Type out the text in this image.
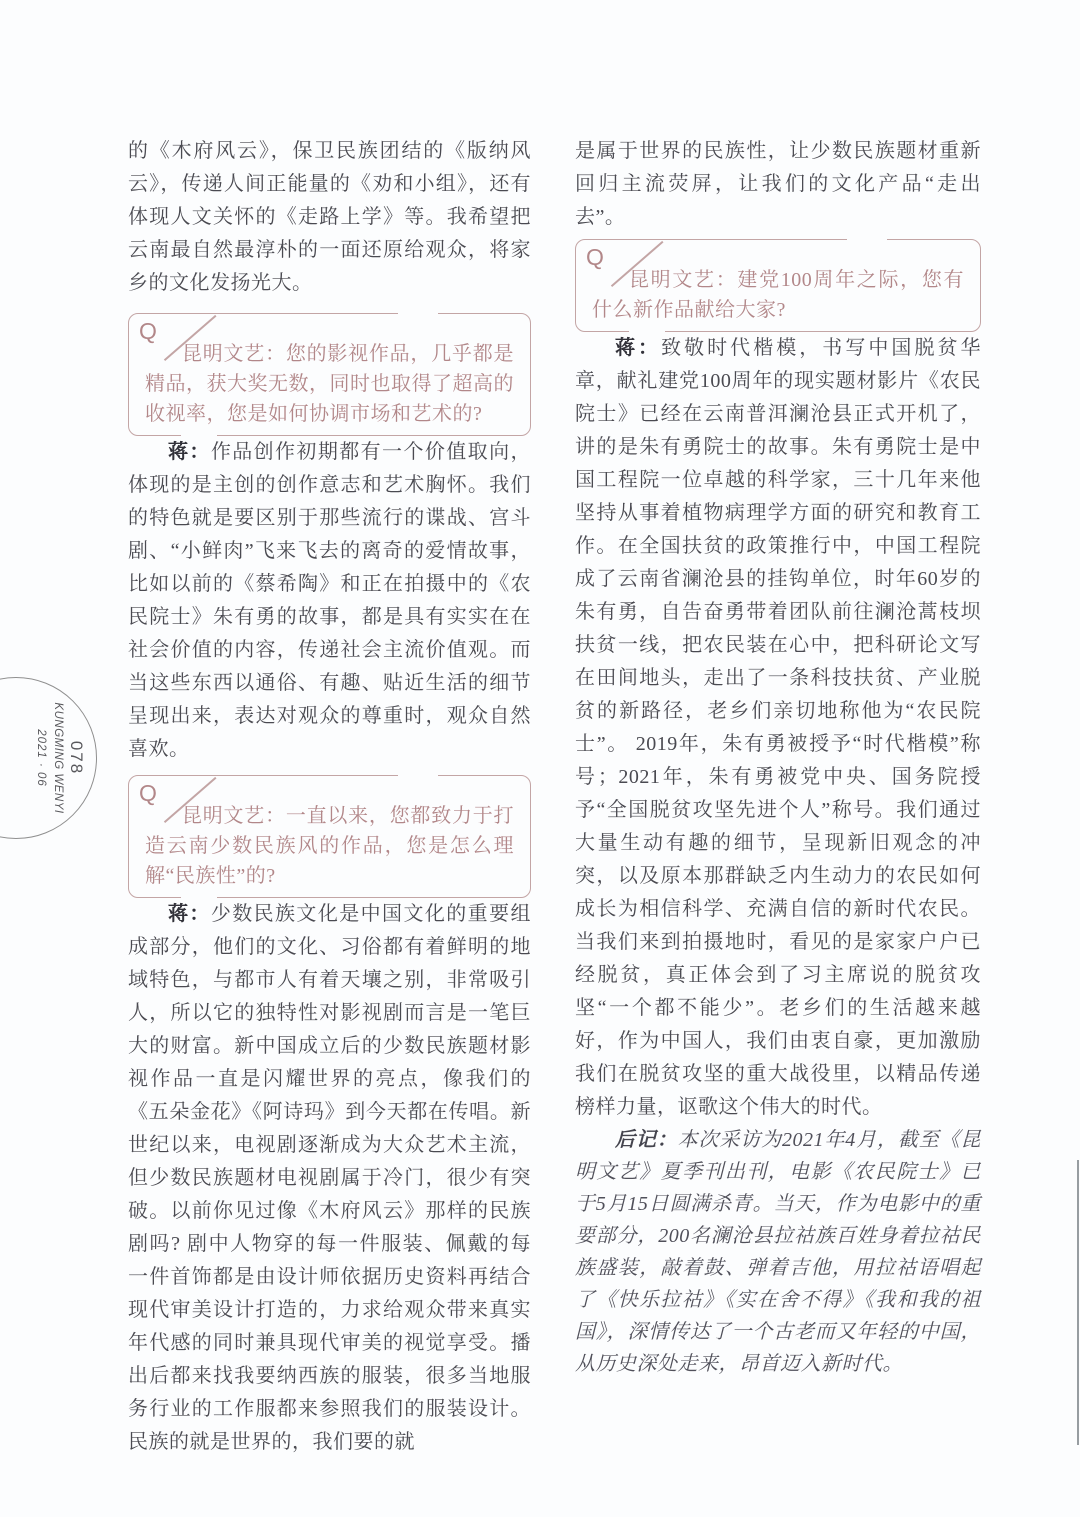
078
KUNGMING WENYI
2021 · 06

的《木府风云》，保卫民族团结的《版纳风云》，传递人间正能量的《劝和小组》，还有体现人文关怀的《走路上学》等。我希望把云南最自然最淳朴的一面还原给观众，将家乡的文化发扬光大。

Q

昆明文艺：您的影视作品，几乎都是精品，获大奖无数，同时也取得了超高的收视率，您是如何协调市场和艺术的?

蒋：作品创作初期都有一个价值取向，体现的是主创的创作意志和艺术胸怀。我们的特色就是要区别于那些流行的谍战、宫斗剧、“小鲜肉”飞来飞去的离奇的爱情故事，比如以前的《蔡希陶》和正在拍摄中的《农民院士》朱有勇的故事，都是具有实实在在社会价值的内容，传递社会主流价值观。而当这些东西以通俗、有趣、贴近生活的细节呈现出来，表达对观众的尊重时，观众自然喜欢。

Q

昆明文艺：一直以来，您都致力于打造云南少数民族风的作品，您是怎么理解“民族性”的?

蒋：少数民族文化是中国文化的重要组成部分，他们的文化、习俗都有着鲜明的地域特色，与都市人有着天壤之别，非常吸引人，所以它的独特性对影视剧而言是一笔巨大的财富。新中国成立后的少数民族题材影视作品一直是闪耀世界的亮点，像我们的《五朵金花》《阿诗玛》到今天都在传唱。新世纪以来，电视剧逐渐成为大众艺术主流，但少数民族题材电视剧属于冷门，很少有突破。以前你见过像《木府风云》那样的民族剧吗? 剧中人物穿的每一件服装、佩戴的每一件首饰都是由设计师依据历史资料再结合现代审美设计打造的，力求给观众带来真实年代感的同时兼具现代审美的视觉享受。播出后都来找我要纳西族的服装，很多当地服务行业的工作服都来参照我们的服装设计。民族的就是世界的，我们要的就

是属于世界的民族性，让少数民族题材重新回归主流荧屏，让我们的文化产品“走出去”。

Q

昆明文艺：建党100周年之际，您有什么新作品献给大家?

蒋：致敬时代楷模，书写中国脱贫华章，献礼建党100周年的现实题材影片《农民院士》已经在云南普洱澜沧县正式开机了，讲的是朱有勇院士的故事。朱有勇院士是中国工程院一位卓越的科学家，三十几年来他坚持从事着植物病理学方面的研究和教育工作。在全国扶贫的政策推行中，中国工程院成了云南省澜沧县的挂钩单位，时年60岁的朱有勇，自告奋勇带着团队前往澜沧蒿枝坝扶贫一线，把农民装在心中，把科研论文写在田间地头，走出了一条科技扶贫、产业脱贫的新路径，老乡们亲切地称他为“农民院士”。 2019年，朱有勇被授予“时代楷模”称号；2021年，朱有勇被党中央、国务院授予“全国脱贫攻坚先进个人”称号。我们通过大量生动有趣的细节，呈现新旧观念的冲突，以及原本那群缺乏内生动力的农民如何成长为相信科学、充满自信的新时代农民。当我们来到拍摄地时，看见的是家家户户已经脱贫，真正体会到了习主席说的脱贫攻坚“一个都不能少”。老乡们的生活越来越好，作为中国人，我们由衷自豪，更加激励我们在脱贫攻坚的重大战役里，以精品传递榜样力量，讴歌这个伟大的时代。

后记：本次采访为2021年4月，截至《昆明文艺》夏季刊出刊，电影《农民院士》已于5月15日圆满杀青。当天，作为电影中的重要部分，200名澜沧县拉祜族百姓身着拉祜民族盛装，敲着鼓、弹着吉他，用拉祜语唱起了《快乐拉祜》《实在舍不得》《我和我的祖国》，深情传达了一个古老而又年轻的中国，从历史深处走来，昂首迈入新时代。
